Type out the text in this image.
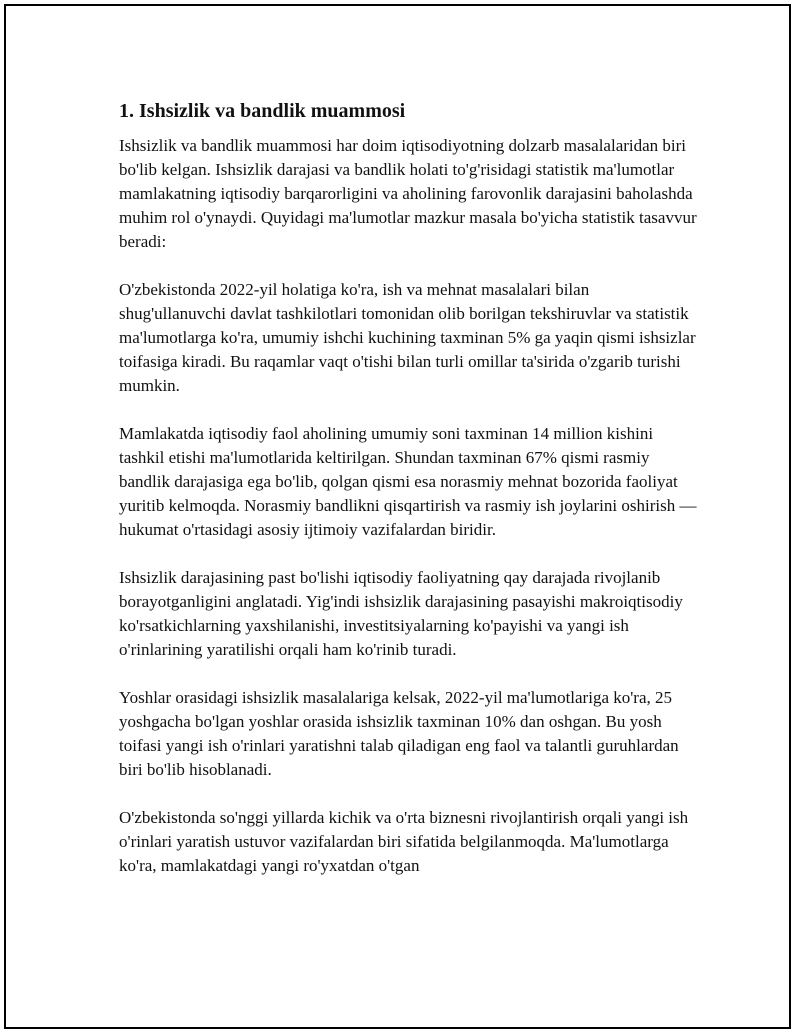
1. Ishsizlik va bandlik muammosi

Ishsizlik va bandlik muammosi har doim iqtisodiyotning dolzarb masalalaridan biri bo'lib kelgan. Ishsizlik darajasi va bandlik holati to'g'risidagi statistik ma'lumotlar mamlakatning iqtisodiy barqarorligini va aholining farovonlik darajasini baholashda muhim rol o'ynaydi. Quyidagi ma'lumotlar mazkur masala bo'yicha statistik tasavvur beradi:

O'zbekistonda 2022-yil holatiga ko'ra, ish va mehnat masalalari bilan shug'ullanuvchi davlat tashkilotlari tomonidan olib borilgan tekshiruvlar va statistik ma'lumotlarga ko'ra, umumiy ishchi kuchining taxminan 5% ga yaqin qismi ishsizlar toifasiga kiradi. Bu raqamlar vaqt o'tishi bilan turli omillar ta'sirida o'zgarib turishi mumkin.

Mamlakatda iqtisodiy faol aholining umumiy soni taxminan 14 million kishini tashkil etishi ma'lumotlarida keltirilgan. Shundan taxminan 67% qismi rasmiy bandlik darajasiga ega bo'lib, qolgan qismi esa norasmiy mehnat bozorida faoliyat yuritib kelmoqda. Norasmiy bandlikni qisqartirish va rasmiy ish joylarini oshirish — hukumat o'rtasidagi asosiy ijtimoiy vazifalardan biridir.

Ishsizlik darajasining past bo'lishi iqtisodiy faoliyatning qay darajada rivojlanib borayotganligini anglatadi. Yig'indi ishsizlik darajasining pasayishi makroiqtisodiy ko'rsatkichlarning yaxshilanishi, investitsiyalarning ko'payishi va yangi ish o'rinlarining yaratilishi orqali ham ko'rinib turadi.

Yoshlar orasidagi ishsizlik masalalariga kelsak, 2022-yil ma'lumotlariga ko'ra, 25 yoshgacha bo'lgan yoshlar orasida ishsizlik taxminan 10% dan oshgan. Bu yosh toifasi yangi ish o'rinlari yaratishni talab qiladigan eng faol va talantli guruhlardan biri bo'lib hisoblanadi.

O'zbekistonda so'nggi yillarda kichik va o'rta biznesni rivojlantirish orqali yangi ish o'rinlari yaratish ustuvor vazifalardan biri sifatida belgilanmoqda. Ma'lumotlarga ko'ra, mamlakatdagi yangi ro'yxatdan o'tgan
